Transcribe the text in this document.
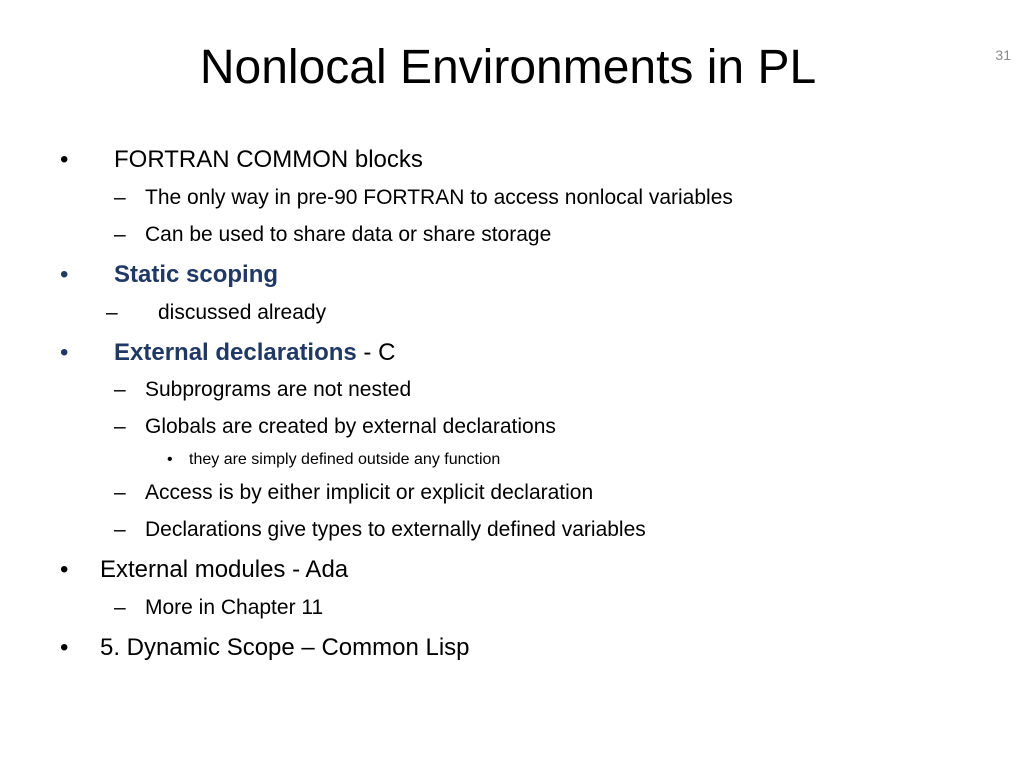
Nonlocal Environments in PL	31
• FORTRAN COMMON blocks
– The only way in pre-90 FORTRAN to access nonlocal variables
– Can be used to share data or share storage
• Static scoping
– discussed already
• External declarations - C
– Subprograms are not nested
– Globals are created by external declarations
• they are simply defined outside any function
– Access is by either implicit or explicit declaration
– Declarations give types to externally defined variables
• External modules - Ada
– More in Chapter 11
• 5. Dynamic Scope – Common Lisp
